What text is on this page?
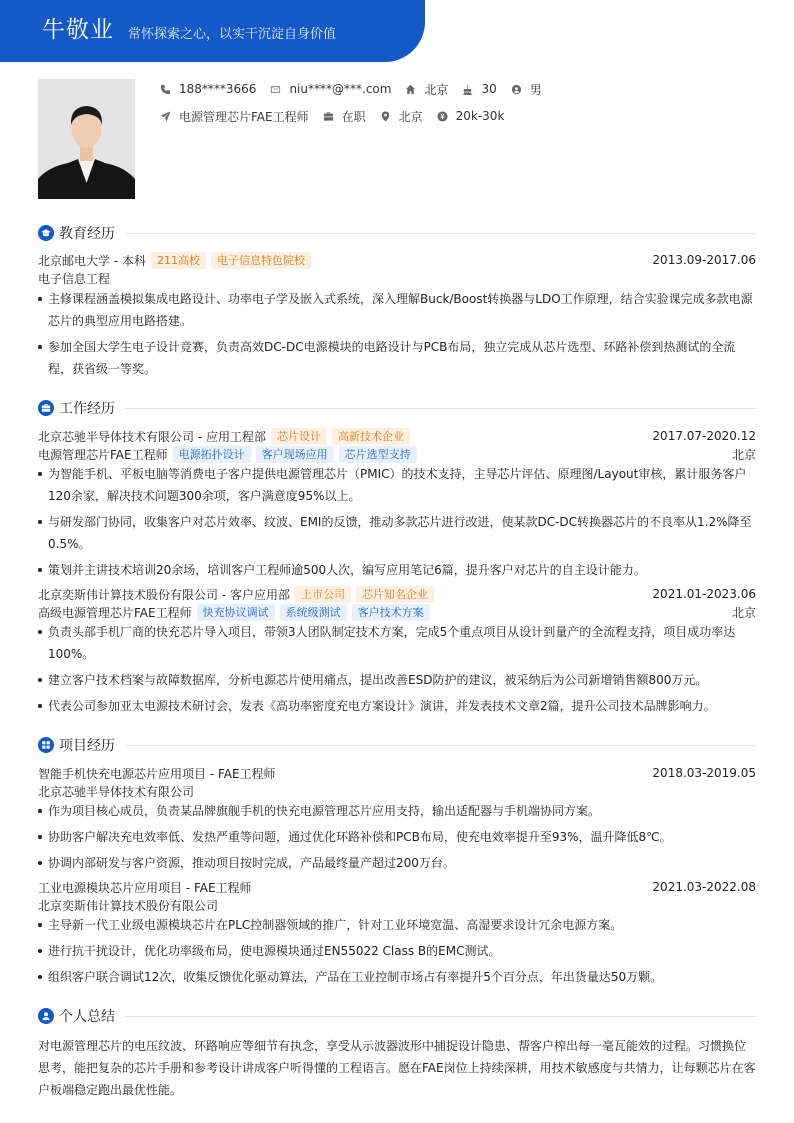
牛敬业 常怀探索之心，以实干沉淀自身价值
188****3666	niu****@***.com	北京	30	男
电源管理芯片FAE工程师	在职	北京	20k-30k
教育经历
北京邮电大学 - 本科	211高校	电子信息特色院校	2013.09-2017.06
电子信息工程
主修课程涵盖模拟集成电路设计、功率电子学及嵌入式系统，深入理解Buck/Boost转换器与LDO工作原理，结合实验课完成多款电源芯片的典型应用电路搭建。
参加全国大学生电子设计竞赛，负责高效DC-DC电源模块的电路设计与PCB布局，独立完成从芯片选型、环路补偿到热测试的全流程，获省级一等奖。
工作经历
北京芯驰半导体技术有限公司 - 应用工程部	芯片设计	高新技术企业	2017.07-2020.12
电源管理芯片FAE工程师	电源拓扑设计	客户现场应用	芯片选型支持	北京
为智能手机、平板电脑等消费电子客户提供电源管理芯片（PMIC）的技术支持，主导芯片评估、原理图/Layout审核，累计服务客户120余家，解决技术问题300余项，客户满意度95%以上。
与研发部门协同，收集客户对芯片效率、纹波、EMI的反馈，推动多款芯片进行改进，使某款DC-DC转换器芯片的不良率从1.2%降至0.5%。
策划并主讲技术培训20余场，培训客户工程师逾500人次，编写应用笔记6篇，提升客户对芯片的自主设计能力。
北京奕斯伟计算技术股份有限公司 - 客户应用部	上市公司	芯片知名企业	2021.01-2023.06
高级电源管理芯片FAE工程师	快充协议调试	系统级测试	客户技术方案	北京
负责头部手机厂商的快充芯片导入项目，带领3人团队制定技术方案，完成5个重点项目从设计到量产的全流程支持，项目成功率达100%。
建立客户技术档案与故障数据库，分析电源芯片使用痛点，提出改善ESD防护的建议，被采纳后为公司新增销售额800万元。
代表公司参加亚太电源技术研讨会，发表《高功率密度充电方案设计》演讲，并发表技术文章2篇，提升公司技术品牌影响力。
项目经历
智能手机快充电源芯片应用项目 - FAE工程师	2018.03-2019.05
北京芯驰半导体技术有限公司
作为项目核心成员，负责某品牌旗舰手机的快充电源管理芯片应用支持，输出适配器与手机端协同方案。
协助客户解决充电效率低、发热严重等问题，通过优化环路补偿和PCB布局，使充电效率提升至93%，温升降低8℃。
协调内部研发与客户资源，推动项目按时完成，产品最终量产超过200万台。
工业电源模块芯片应用项目 - FAE工程师	2021.03-2022.08
北京奕斯伟计算技术股份有限公司
主导新一代工业级电源模块芯片在PLC控制器领域的推广，针对工业环境宽温、高湿要求设计冗余电源方案。
进行抗干扰设计，优化功率级布局，使电源模块通过EN55022 Class B的EMC测试。
组织客户联合调试12次，收集反馈优化驱动算法，产品在工业控制市场占有率提升5个百分点，年出货量达50万颗。
个人总结
对电源管理芯片的电压纹波、环路响应等细节有执念，享受从示波器波形中捕捉设计隐患、帮客户榨出每一毫瓦能效的过程。习惯换位思考，能把复杂的芯片手册和参考设计讲成客户听得懂的工程语言。愿在FAE岗位上持续深耕，用技术敏感度与共情力，让每颗芯片在客户板端稳定跑出最优性能。
